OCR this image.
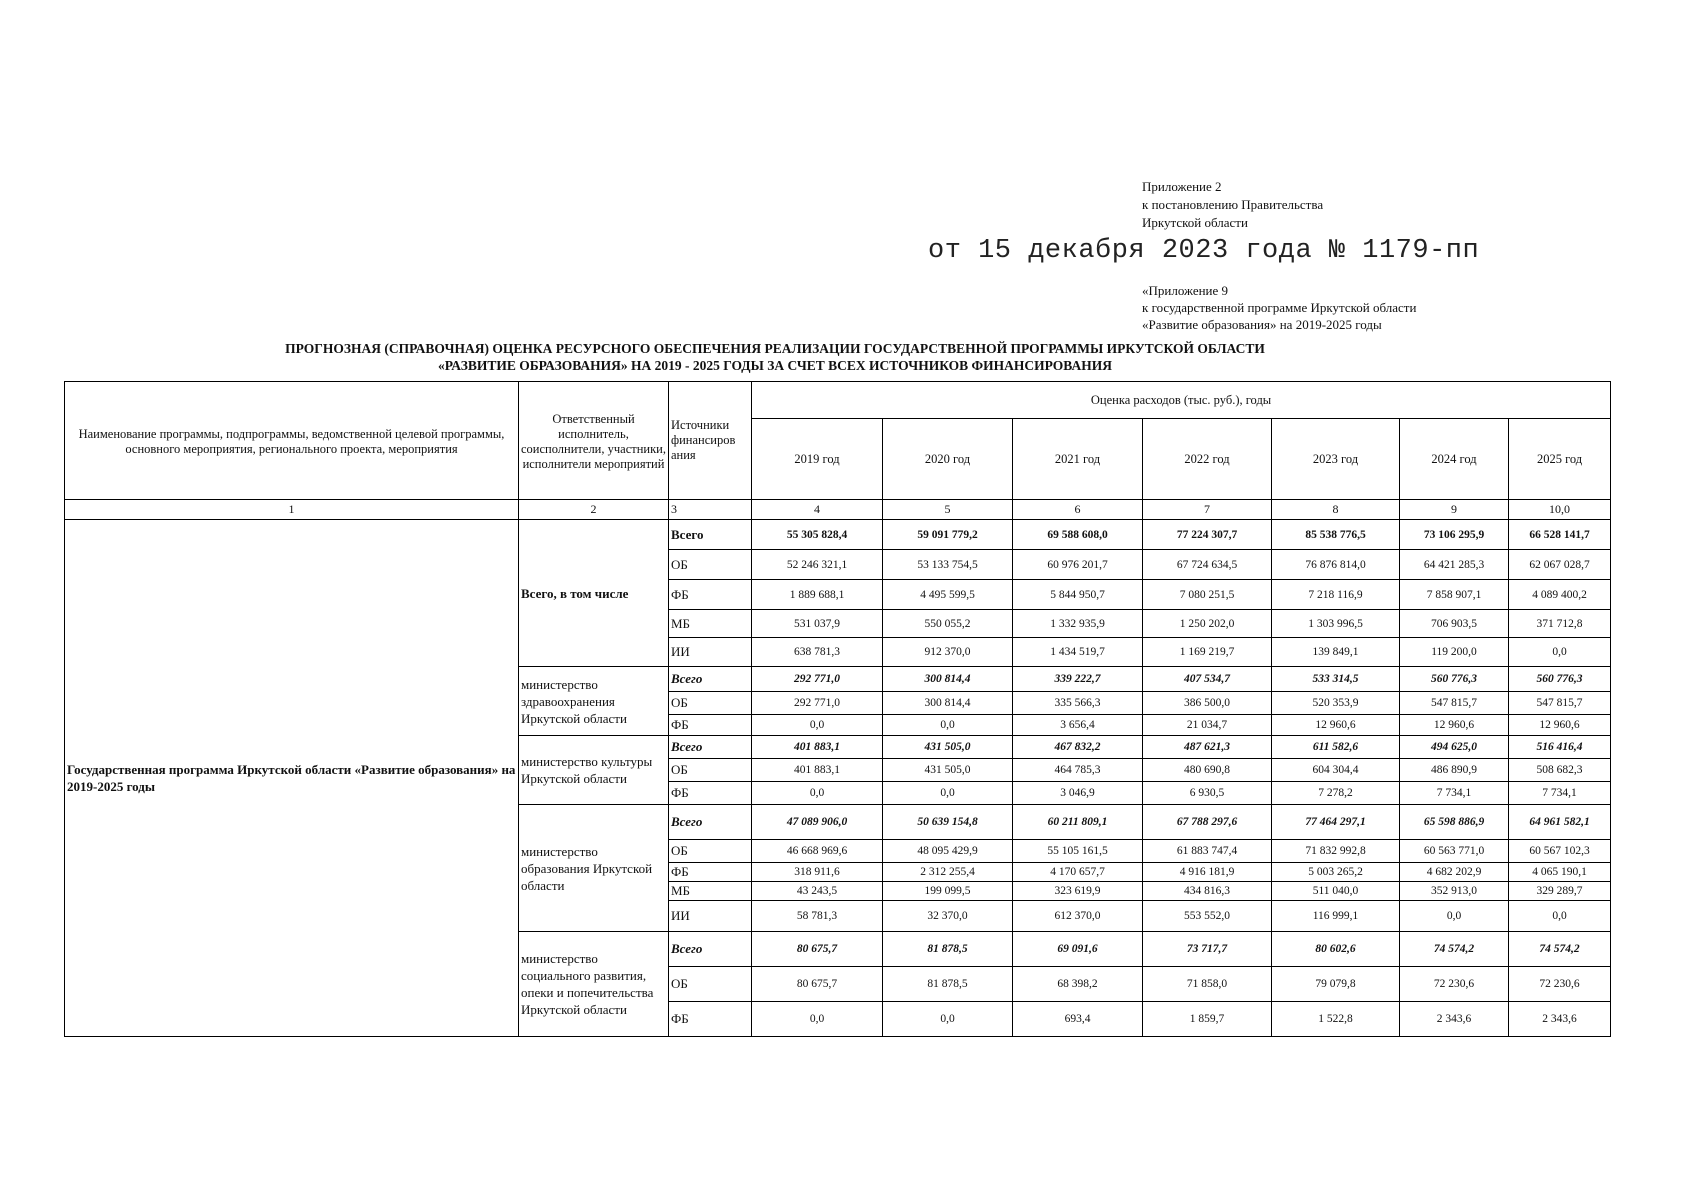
Приложение 2
к постановлению Правительства
Иркутской области
от 15 декабря 2023 года № 1179-пп
«Приложение 9
к государственной программе Иркутской области
«Развитие образования» на 2019-2025 годы
ПРОГНОЗНАЯ (СПРАВОЧНАЯ) ОЦЕНКА РЕСУРСНОГО ОБЕСПЕЧЕНИЯ РЕАЛИЗАЦИИ ГОСУДАРСТВЕННОЙ ПРОГРАММЫ ИРКУТСКОЙ ОБЛАСТИ
«РАЗВИТИЕ ОБРАЗОВАНИЯ» НА 2019 - 2025 ГОДЫ ЗА СЧЕТ ВСЕХ ИСТОЧНИКОВ ФИНАНСИРОВАНИЯ
Наименование программы, подпрограммы, ведомственной целевой программы, основного мероприятия, регионального проекта, мероприятия	Ответственный исполнитель, соисполнители, участники, исполнители мероприятий	Источники финансиров ания	Оценка расходов (тыс. руб.), годы						
			2019 год	2020 год	2021 год	2022 год	2023 год	2024 год	2025 год
1	2	3	4	5	6	7	8	9	10,0
Государственная программа Иркутской области «Развитие образования» на 2019-2025 годы	Всего, в том числе	Всего	55 305 828,4	59 091 779,2	69 588 608,0	77 224 307,7	85 538 776,5	73 106 295,9	66 528 141,7
		ОБ	52 246 321,1	53 133 754,5	60 976 201,7	67 724 634,5	76 876 814,0	64 421 285,3	62 067 028,7
		ФБ	1 889 688,1	4 495 599,5	5 844 950,7	7 080 251,5	7 218 116,9	7 858 907,1	4 089 400,2
		МБ	531 037,9	550 055,2	1 332 935,9	1 250 202,0	1 303 996,5	706 903,5	371 712,8
		ИИ	638 781,3	912 370,0	1 434 519,7	1 169 219,7	139 849,1	119 200,0	0,0
	министерство здравоохранения Иркутской области	Всего	292 771,0	300 814,4	339 222,7	407 534,7	533 314,5	560 776,3	560 776,3
		ОБ	292 771,0	300 814,4	335 566,3	386 500,0	520 353,9	547 815,7	547 815,7
		ФБ	0,0	0,0	3 656,4	21 034,7	12 960,6	12 960,6	12 960,6
	министерство культуры Иркутской области	Всего	401 883,1	431 505,0	467 832,2	487 621,3	611 582,6	494 625,0	516 416,4
		ОБ	401 883,1	431 505,0	464 785,3	480 690,8	604 304,4	486 890,9	508 682,3
		ФБ	0,0	0,0	3 046,9	6 930,5	7 278,2	7 734,1	7 734,1
	министерство образования Иркутской области	Всего	47 089 906,0	50 639 154,8	60 211 809,1	67 788 297,6	77 464 297,1	65 598 886,9	64 961 582,1
		ОБ	46 668 969,6	48 095 429,9	55 105 161,5	61 883 747,4	71 832 992,8	60 563 771,0	60 567 102,3
		ФБ	318 911,6	2 312 255,4	4 170 657,7	4 916 181,9	5 003 265,2	4 682 202,9	4 065 190,1
		МБ	43 243,5	199 099,5	323 619,9	434 816,3	511 040,0	352 913,0	329 289,7
		ИИ	58 781,3	32 370,0	612 370,0	553 552,0	116 999,1	0,0	0,0
	министерство социального развития, опеки и попечительства Иркутской области	Всего	80 675,7	81 878,5	69 091,6	73 717,7	80 602,6	74 574,2	74 574,2
		ОБ	80 675,7	81 878,5	68 398,2	71 858,0	79 079,8	72 230,6	72 230,6
		ФБ	0,0	0,0	693,4	1 859,7	1 522,8	2 343,6	2 343,6
